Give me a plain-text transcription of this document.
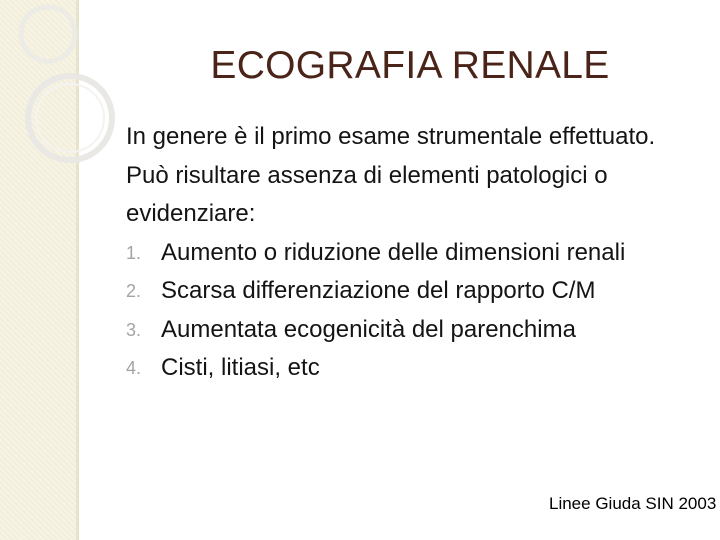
ECOGRAFIA RENALE

In genere è il primo esame strumentale effettuato.

Può risultare assenza di elementi patologici o evidenziare:

1. Aumento o riduzione delle dimensioni renali
2. Scarsa differenziazione del rapporto C/M
3. Aumentata ecogenicità del parenchima
4. Cisti, litiasi, etc
Linee Giuda SIN 2003
